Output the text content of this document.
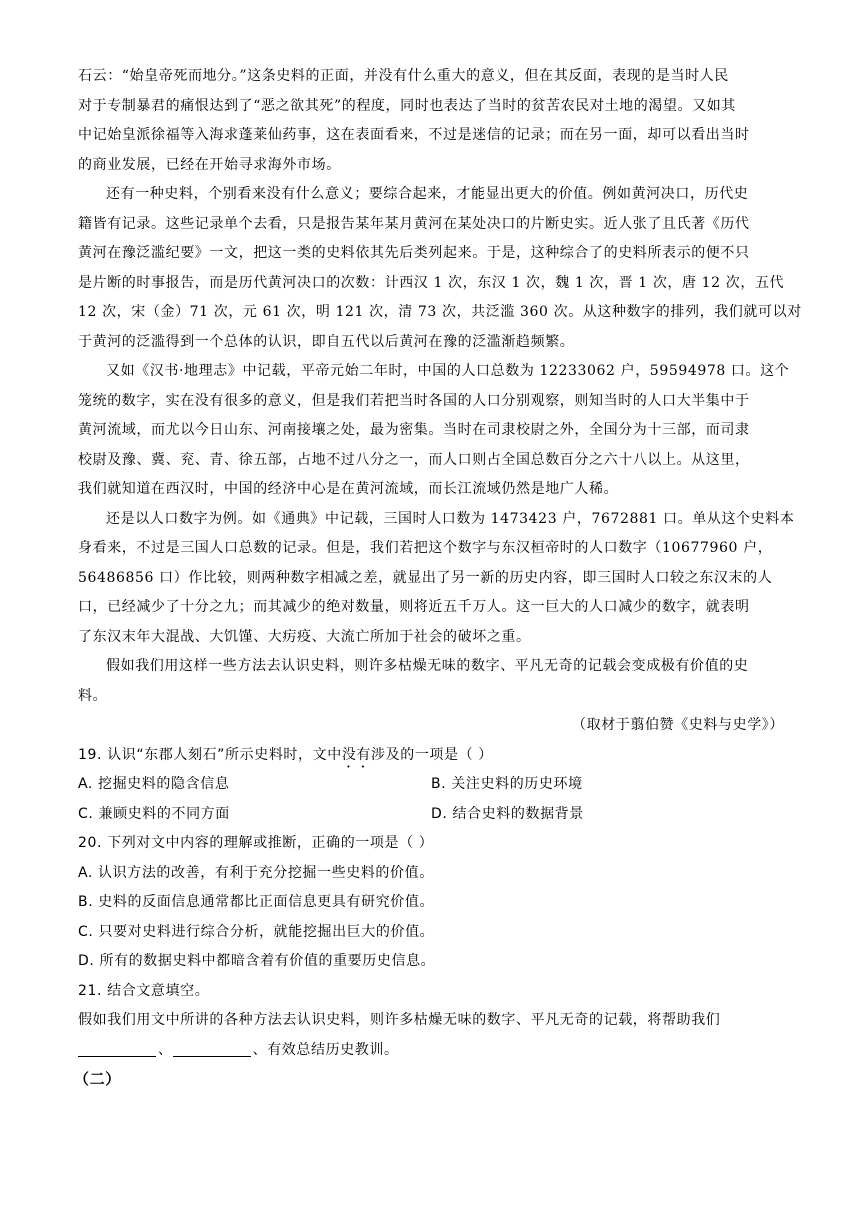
石云：“始皇帝死而地分。”这条史料的正面，并没有什么重大的意义，但在其反面，表现的是当时人民
对于专制暴君的痛恨达到了“恶之欲其死”的程度，同时也表达了当时的贫苦农民对土地的渴望。又如其
中记始皇派徐福等入海求蓬莱仙药事，这在表面看来，不过是迷信的记录；而在另一面，却可以看出当时
的商业发展，已经在开始寻求海外市场。
还有一种史料，个别看来没有什么意义；要综合起来，才能显出更大的价值。例如黄河决口，历代史
籍皆有记录。这些记录单个去看，只是报告某年某月黄河在某处决口的片断史实。近人张了且氏著《历代
黄河在豫泛滥纪要》一文，把这一类的史料依其先后类列起来。于是，这种综合了的史料所表示的便不只
是片断的时事报告，而是历代黄河决口的次数：计西汉 1 次，东汉 1 次，魏 1 次，晋 1 次，唐 12 次，五代
12 次，宋（金）71 次，元 61 次，明 121 次，清 73 次，共泛滥 360 次。从这种数字的排列，我们就可以对
于黄河的泛滥得到一个总体的认识，即自五代以后黄河在豫的泛滥渐趋频繁。
又如《汉书·地理志》中记载，平帝元始二年时，中国的人口总数为 12233062 户，59594978 口。这个
笼统的数字，实在没有很多的意义，但是我们若把当时各国的人口分别观察，则知当时的人口大半集中于
黄河流域，而尤以今日山东、河南接壤之处，最为密集。当时在司隶校尉之外，全国分为十三部，而司隶
校尉及豫、冀、兖、青、徐五部，占地不过八分之一，而人口则占全国总数百分之六十八以上。从这里，
我们就知道在西汉时，中国的经济中心是在黄河流域，而长江流域仍然是地广人稀。
还是以人口数字为例。如《通典》中记载，三国时人口数为 1473423 户，7672881 口。单从这个史料本
身看来，不过是三国人口总数的记录。但是，我们若把这个数字与东汉桓帝时的人口数字（10677960 户，
56486856 口）作比较，则两种数字相减之差，就显出了另一新的历史内容，即三国时人口较之东汉末的人
口，已经减少了十分之九；而其减少的绝对数量，则将近五千万人。这一巨大的人口减少的数字，就表明
了东汉末年大混战、大饥馑、大疠疫、大流亡所加于社会的破坏之重。
假如我们用这样一些方法去认识史料，则许多枯燥无味的数字、平凡无奇的记载会变成极有价值的史
料。
（取材于翦伯赞《史料与史学》）
19. 认识“东郡人刻石”所示史料时，文中没有涉及的一项是（ ）
A. 挖掘史料的隐含信息	B. 关注史料的历史环境
C. 兼顾史料的不同方面	D. 结合史料的数据背景
20. 下列对文中内容的理解或推断，正确的一项是（ ）
A. 认识方法的改善，有利于充分挖掘一些史料的价值。
B. 史料的反面信息通常都比正面信息更具有研究价值。
C. 只要对史料进行综合分析，就能挖掘出巨大的价值。
D. 所有的数据史料中都暗含着有价值的重要历史信息。
21. 结合文意填空。
假如我们用文中所讲的各种方法去认识史料，则许多枯燥无味的数字、平凡无奇的记载，将帮助我们
、	、有效总结历史教训。
（二）
